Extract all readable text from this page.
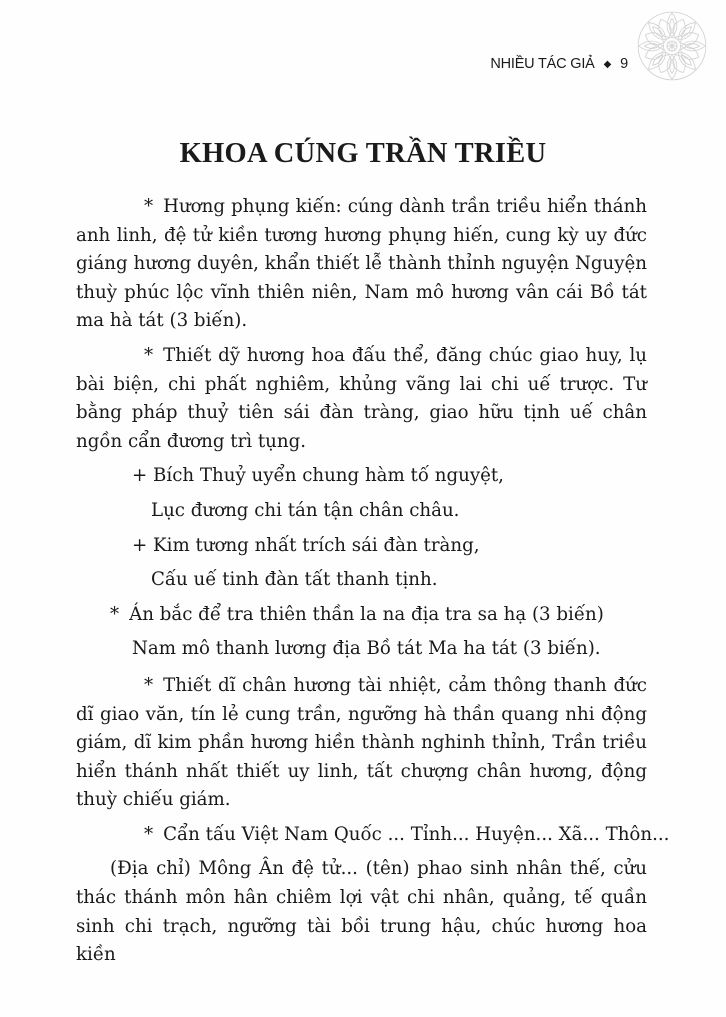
NHIỀU TÁC GIẢ ◆ 9
KHOA CÚNG TRẦN TRIỀU

* Hương phụng kiến: cúng dành trần triều hiển thánh anh linh, đệ tử kiền tương hương phụng hiến, cung kỳ uy đức giáng hương duyên, khẩn thiết lễ thành thỉnh nguyện Nguyện thuỳ phúc lộc vĩnh thiên niên, Nam mô hương vân cái Bồ tát ma hà tát (3 biến).

* Thiết dỹ hương hoa đấu thể, đăng chúc giao huy, lụ bài biện, chi phất nghiêm, khủng vãng lai chi uế trược. Tư bằng pháp thuỷ tiên sái đàn tràng, giao hữu tịnh uế chân ngồn cẩn đương trì tụng.

+ Bích Thuỷ uyển chung hàm tố nguyệt,
Lục đương chi tán tận chân châu.
+ Kim tương nhất trích sái đàn tràng,
Cấu uế tinh đàn tất thanh tịnh.
* Án bắc để tra thiên thần la na địa tra sa hạ (3 biến)
Nam mô thanh lương địa Bồ tát Ma ha tát (3 biến).

* Thiết dĩ chân hương tài nhiệt, cảm thông thanh đức dĩ giao văn, tín lẻ cung trần, ngưỡng hà thần quang nhi động giám, dĩ kim phần hương hiền thành nghinh thỉnh, Trần triều hiển thánh nhất thiết uy linh, tất chượng chân hương, động thuỳ chiếu giám.

* Cẩn tấu Việt Nam Quốc ... Tỉnh... Huyện... Xã... Thôn...

(Địa chỉ) Mông Ân đệ tử... (tên) phao sinh nhân thế, cửu thác thánh môn hân chiêm lợi vật chi nhân, quảng, tế quần sinh chi trạch, ngưỡng tài bồi trung hậu, chúc hương hoa kiền
